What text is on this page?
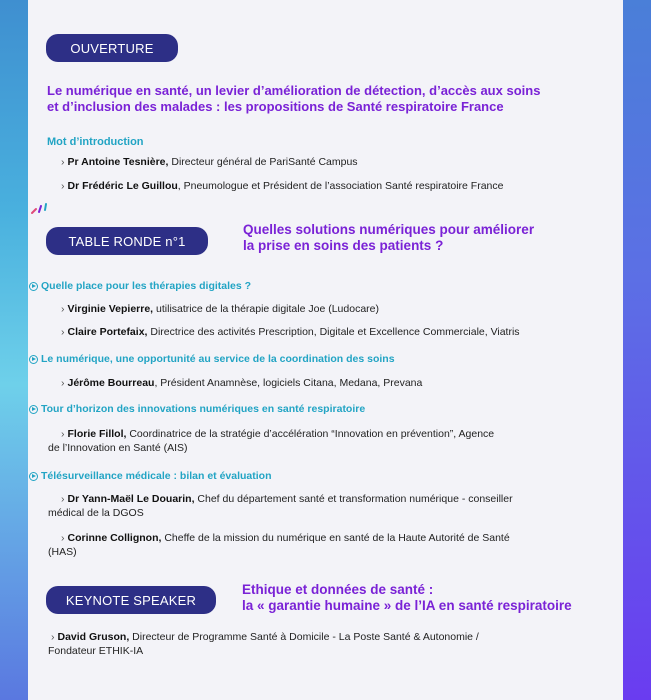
OUVERTURE
Le numérique en santé, un levier d’amélioration de détection, d’accès aux soins
et d’inclusion des malades : les propositions de Santé respiratoire France
Mot d’introduction
› Pr Antoine Tesnière, Directeur général de PariSanté Campus
› Dr Frédéric Le Guillou, Pneumologue et Président de l’association Santé respiratoire France
TABLE RONDE n°1
Quelles solutions numériques pour améliorer
la prise en soins des patients ?
Quelle place pour les thérapies digitales ?
› Virginie Vepierre, utilisatrice de la thérapie digitale Joe (Ludocare)
› Claire Portefaix, Directrice des activités Prescription, Digitale et Excellence Commerciale, Viatris
Le numérique, une opportunité au service de la coordination des soins
› Jérôme Bourreau, Président Anamnèse, logiciels Citana, Medana, Prevana
Tour d’horizon des innovations numériques en santé respiratoire
› Florie Fillol, Coordinatrice de la stratégie d’accélération “Innovation en prévention”, Agence
de l’Innovation en Santé (AIS)
Télésurveillance médicale : bilan et évaluation
› Dr Yann-Maël Le Douarin, Chef du département santé et transformation numérique - conseiller
médical de la DGOS
› Corinne Collignon, Cheffe de la mission du numérique en santé de la Haute Autorité de Santé
(HAS)
KEYNOTE SPEAKER
Ethique et données de santé :
la « garantie humaine » de l’IA en santé respiratoire
› David Gruson, Directeur de Programme Santé à Domicile - La Poste Santé & Autonomie /
Fondateur ETHIK-IA
